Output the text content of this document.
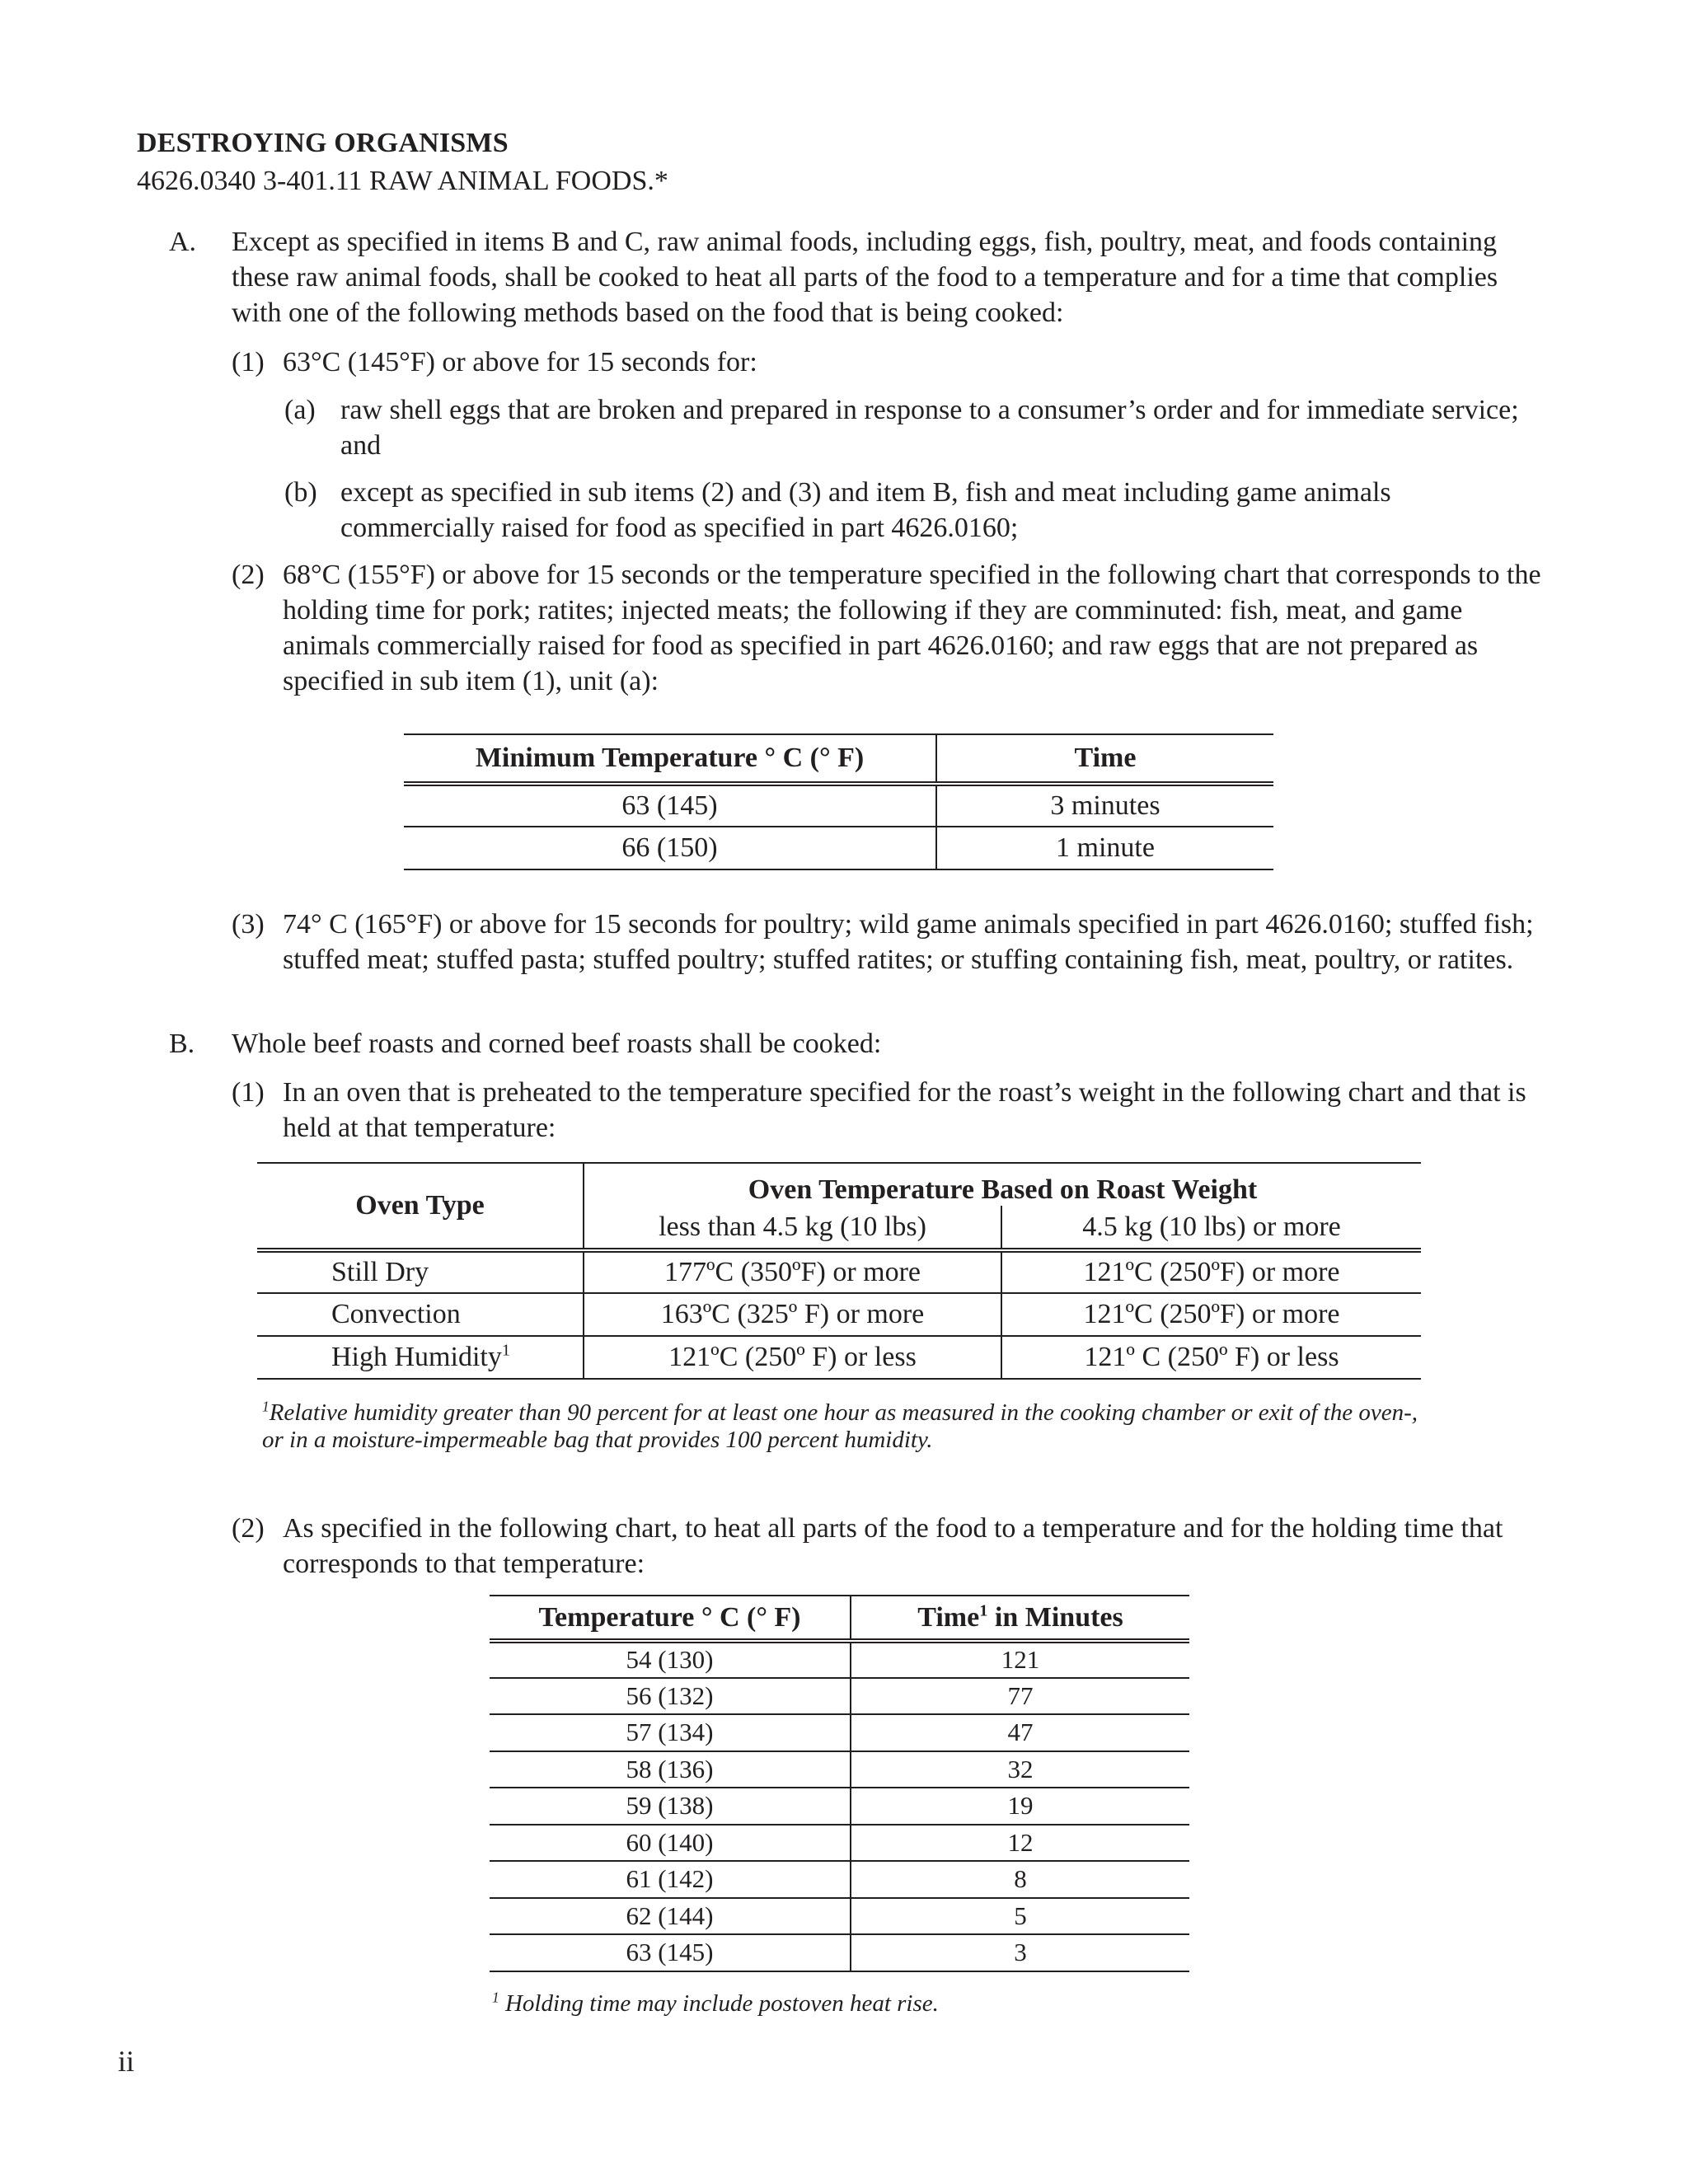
DESTROYING ORGANISMS
4626.0340 3-401.11 RAW ANIMAL FOODS.*
A. Except as specified in items B and C, raw animal foods, including eggs, fish, poultry, meat, and foods containing these raw animal foods, shall be cooked to heat all parts of the food to a temperature and for a time that complies with one of the following methods based on the food that is being cooked:
(1) 63°C (145°F) or above for 15 seconds for:
(a) raw shell eggs that are broken and prepared in response to a consumer’s order and for immediate service; and
(b) except as specified in sub items (2) and (3) and item B, fish and meat including game animals commercially raised for food as specified in part 4626.0160;
(2) 68°C (155°F) or above for 15 seconds or the temperature specified in the following chart that corresponds to the holding time for pork; ratites; injected meats; the following if they are comminuted: fish, meat, and game animals commercially raised for food as specified in part 4626.0160; and raw eggs that are not prepared as specified in sub item (1), unit (a):
Minimum Temperature ° C (° F)	Time
63 (145)	3 minutes
66 (150)	1 minute
(3) 74° C (165°F) or above for 15 seconds for poultry; wild game animals specified in part 4626.0160; stuffed fish; stuffed meat; stuffed pasta; stuffed poultry; stuffed ratites; or stuffing containing fish, meat, poultry, or ratites.
B. Whole beef roasts and corned beef roasts shall be cooked:
(1) In an oven that is preheated to the temperature specified for the roast’s weight in the following chart and that is held at that temperature:
Oven Type	Oven Temperature Based on Roast Weight	
	less than 4.5 kg (10 lbs)	4.5 kg (10 lbs) or more
Still Dry	177ºC (350ºF) or more	121ºC (250ºF) or more
Convection	163ºC (325º F) or more	121ºC (250ºF) or more
High Humidity$^1$	121ºC (250º F) or less	121º C (250º F) or less
$^1$Relative humidity greater than 90 percent for at least one hour as measured in the cooking chamber or exit of the oven-, or in a moisture-impermeable bag that provides 100 percent humidity.
(2) As specified in the following chart, to heat all parts of the food to a temperature and for the holding time that corresponds to that temperature:
Temperature ° C (° F)	Time$^1$ in Minutes
54 (130)	121
56 (132)	77
57 (134)	47
58 (136)	32
59 (138)	19
60 (140)	12
61 (142)	8
62 (144)	5
63 (145)	3
$^1$ Holding time may include postoven heat rise.
ii
